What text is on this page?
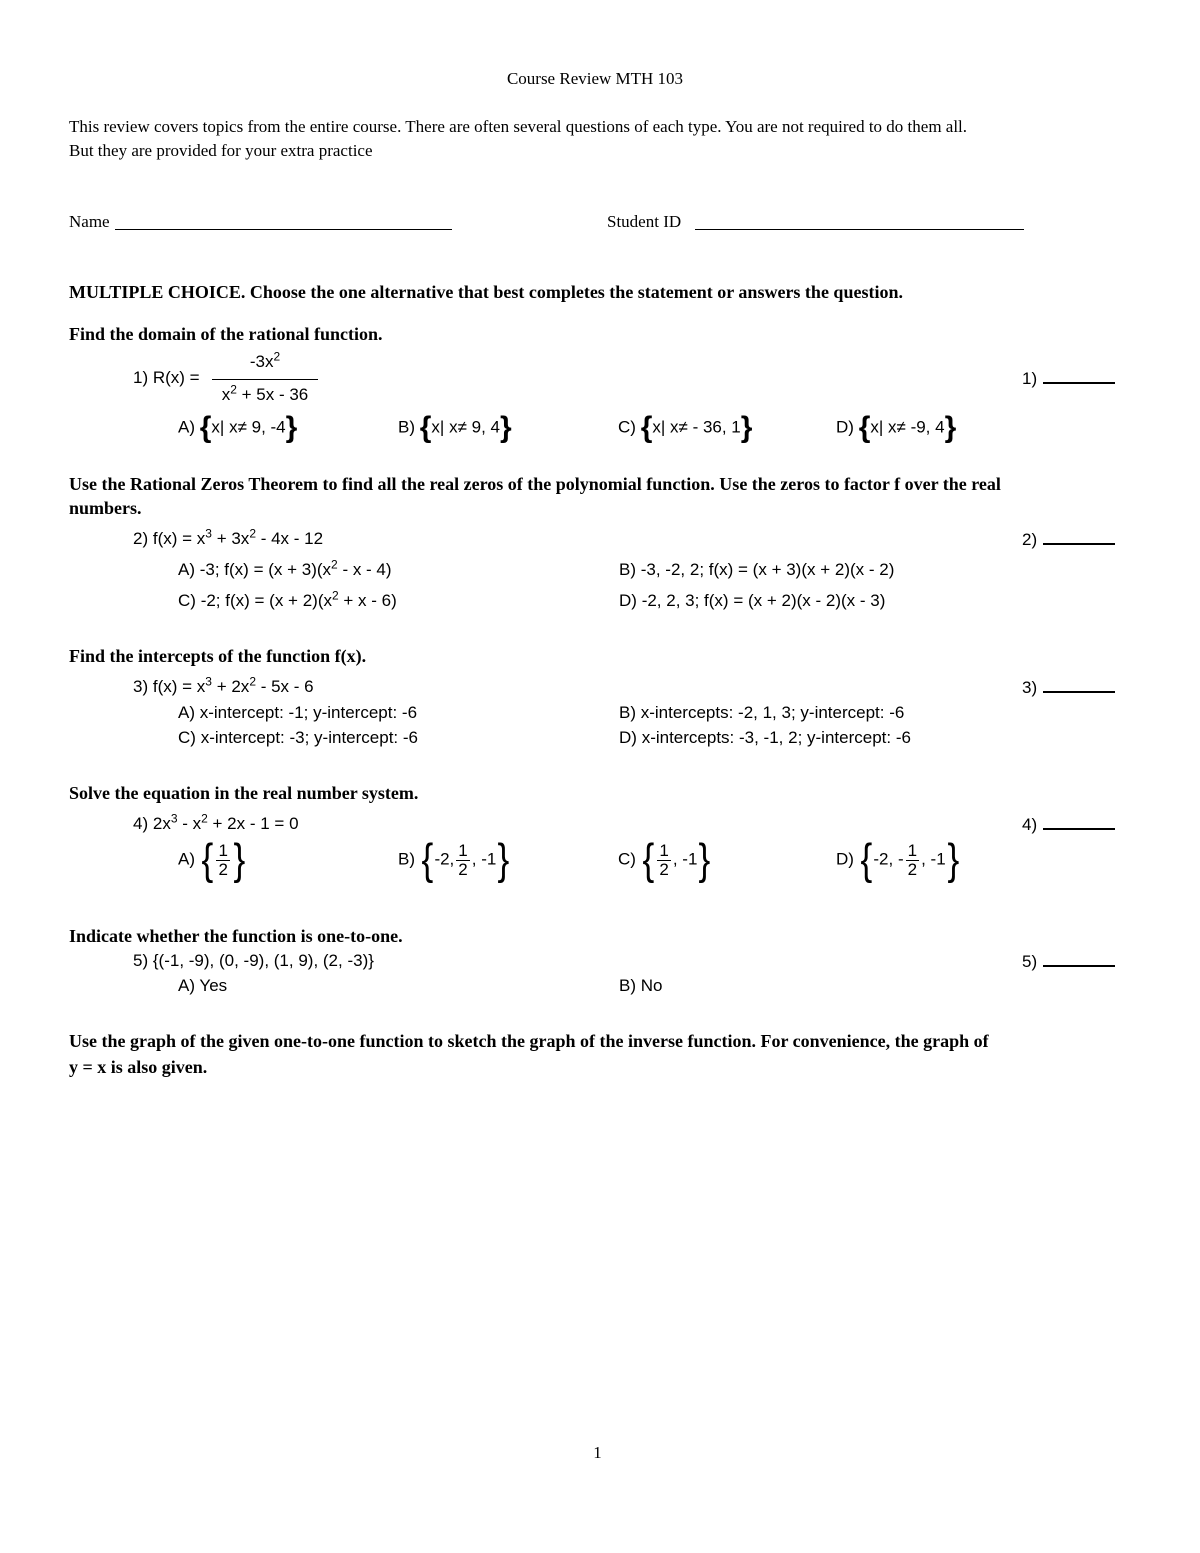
Course Review MTH 103
This review covers topics from the entire course. There are often several questions of each type. You are not required to do them all.
But they are provided for your extra practice
Name	Student ID
MULTIPLE CHOICE. Choose the one alternative that best completes the statement or answers the question.
Find the domain of the rational function.
1) R(x) =
$-3x^2$
$x^2 + 5x - 36$
1)
A) {x| x≠ 9, -4}	B) {x| x≠ 9, 4}	C) {x| x≠ - 36, 1}	D) {x| x≠ -9, 4}
Use the Rational Zeros Theorem to find all the real zeros of the polynomial function. Use the zeros to factor f over the real
numbers.
2) $f(x) = x^3 + 3x^2 - 4x - 12$	2)
A) -3; $f(x) = (x + 3)(x^2 - x - 4)$	B) -3, -2, 2; f(x) = (x + 3)(x + 2)(x - 2)
C) -2; $f(x) = (x + 2)(x^2 + x - 6)$	D) -2, 2, 3; f(x) = (x + 2)(x - 2)(x - 3)
Find the intercepts of the function f(x).
3) $f(x) = x^3 + 2x^2 - 5x - 6$	3)
A) x-intercept: -1; y-intercept: -6	B) x-intercepts: -2, 1, 3; y-intercept: -6
C) x-intercept: -3; y-intercept: -6	D) x-intercepts: -3, -1, 2; y-intercept: -6
Solve the equation in the real number system.
4) $2x^3 - x^2 + 2x - 1 = 0$	4)
A) { $\frac{1}{2}$ }	B) {-2, $\frac{1}{2}$ , -1}	C) { $\frac{1}{2}$ , -1}	D) {-2, - $\frac{1}{2}$ , -1}
Indicate whether the function is one-to-one.
5) {(-1, -9), (0, -9), (1, 9), (2, -3)}	5)
A) Yes	B) No
Use the graph of the given one-to-one function to sketch the graph of the inverse function. For convenience, the graph of
y = x is also given.
1
